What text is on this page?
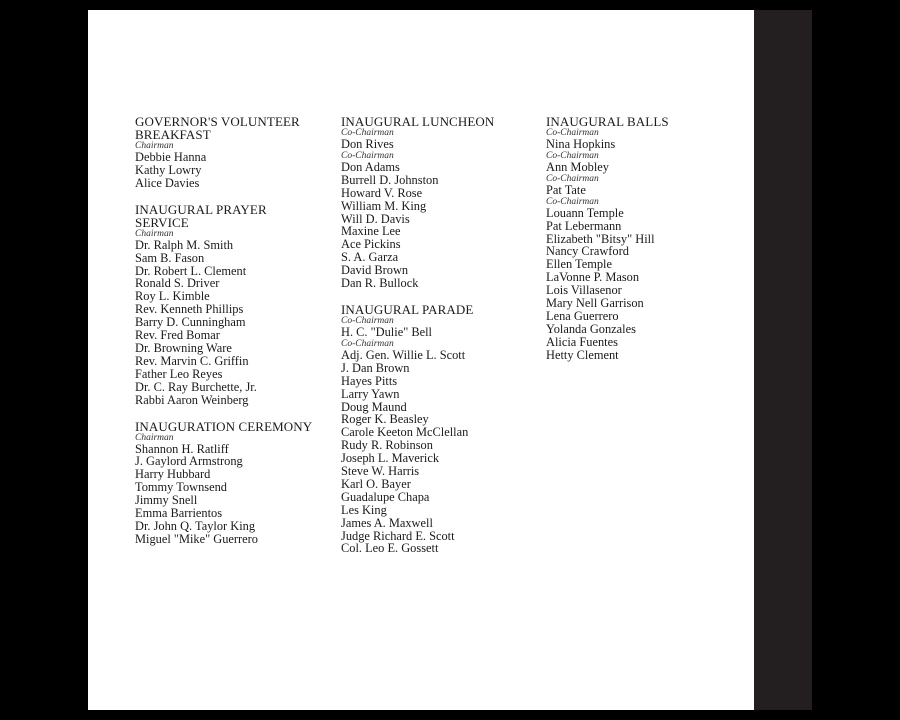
GOVERNOR'S VOLUNTEER
BREAKFAST
Chairman
Debbie Hanna
Kathy Lowry
Alice Davies
INAUGURAL PRAYER
SERVICE
Chairman
Dr. Ralph M. Smith
Sam B. Fason
Dr. Robert L. Clement
Ronald S. Driver
Roy L. Kimble
Rev. Kenneth Phillips
Barry D. Cunningham
Rev. Fred Bomar
Dr. Browning Ware
Rev. Marvin C. Griffin
Father Leo Reyes
Dr. C. Ray Burchette, Jr.
Rabbi Aaron Weinberg
INAUGURATION CEREMONY
Chairman
Shannon H. Ratliff
J. Gaylord Armstrong
Harry Hubbard
Tommy Townsend
Jimmy Snell
Emma Barrientos
Dr. John Q. Taylor King
Miguel "Mike" Guerrero
INAUGURAL LUNCHEON
Co-Chairman
Don Rives
Co-Chairman
Don Adams
Burrell D. Johnston
Howard V. Rose
William M. King
Will D. Davis
Maxine Lee
Ace Pickins
S. A. Garza
David Brown
Dan R. Bullock
INAUGURAL PARADE
Co-Chairman
H. C. "Dulie" Bell
Co-Chairman
Adj. Gen. Willie L. Scott
J. Dan Brown
Hayes Pitts
Larry Yawn
Doug Maund
Roger K. Beasley
Carole Keeton McClellan
Rudy R. Robinson
Joseph L. Maverick
Steve W. Harris
Karl O. Bayer
Guadalupe Chapa
Les King
James A. Maxwell
Judge Richard E. Scott
Col. Leo E. Gossett
INAUGURAL BALLS
Co-Chairman
Nina Hopkins
Co-Chairman
Ann Mobley
Co-Chairman
Pat Tate
Co-Chairman
Louann Temple
Pat Lebermann
Elizabeth "Bitsy" Hill
Nancy Crawford
Ellen Temple
LaVonne P. Mason
Lois Villasenor
Mary Nell Garrison
Lena Guerrero
Yolanda Gonzales
Alicia Fuentes
Hetty Clement
